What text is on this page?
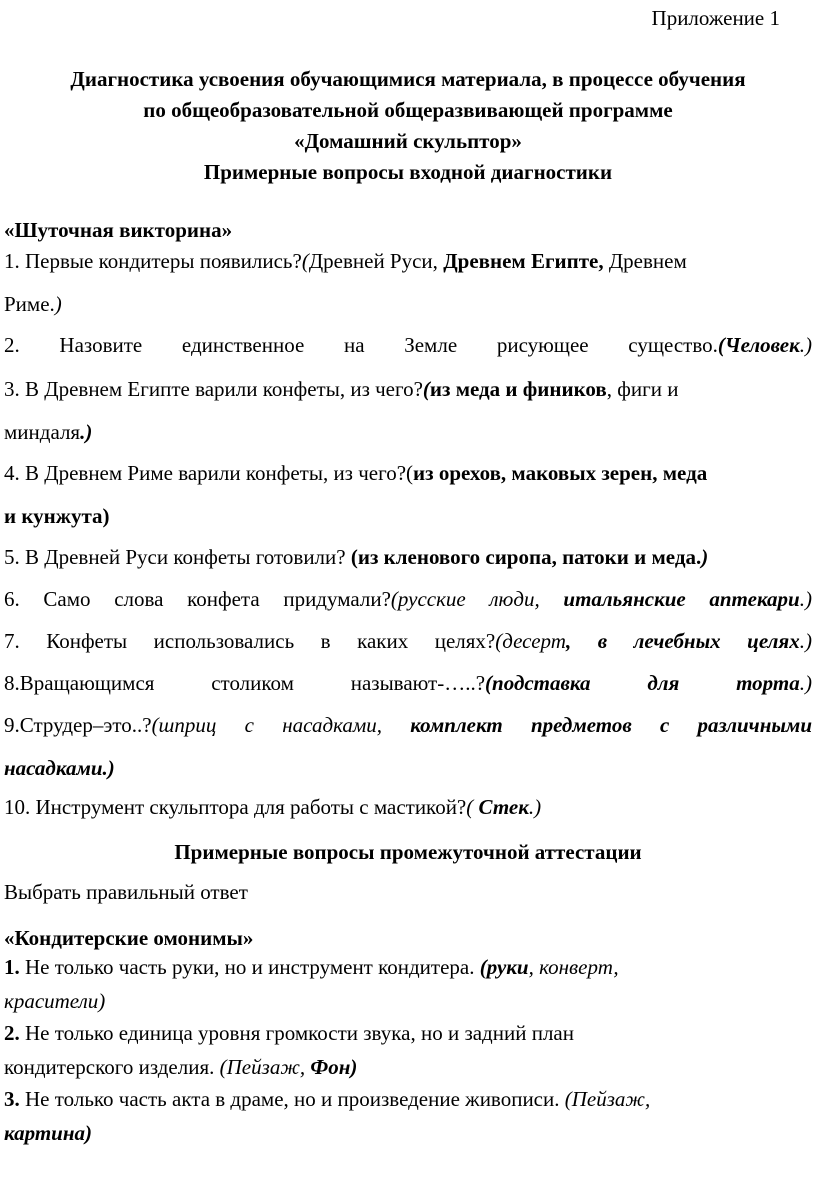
Приложение 1
Диагностика усвоения обучающимися материала, в процессе обучения
по общеобразовательной общеразвивающей программе
«Домашний скульптор»
Примерные вопросы входной диагностики
«Шуточная викторина»
1. Первые кондитеры появились?(Древней Руси, Древнем Египте, Древнем
Риме.)
2. Назовите единственное на Земле рисующее существо.(Человек.)
3. В Древнем Египте варили конфеты, из чего?(из меда и фиников, фиги и
миндаля.)
4. В Древнем Риме варили конфеты, из чего?(из орехов, маковых зерен, меда
и кунжута)
5. В Древней Руси конфеты готовили? (из кленового сиропа, патоки и меда.)
6. Само слова конфета придумали?(русские люди, итальянские аптекари.)
7. Конфеты использовались в каких целях?(десерт, в лечебных целях.)
8.Вращающимся столиком называют-…..?(подставка для торта.)
9.Струдер–это..?(шприц с насадками, комплект предметов с различными
насадками.)
10. Инструмент скульптора для работы с мастикой?( Стек.)
Примерные вопросы промежуточной аттестации
Выбрать правильный ответ
«Кондитерские омонимы»
1. Не только часть руки, но и инструмент кондитера. (руки, конверт,
красители)
2. Не только единица уровня громкости звука, но и задний план
кондитерского изделия. (Пейзаж, Фон)
3. Не только часть акта в драме, но и произведение живописи. (Пейзаж,
картина)
